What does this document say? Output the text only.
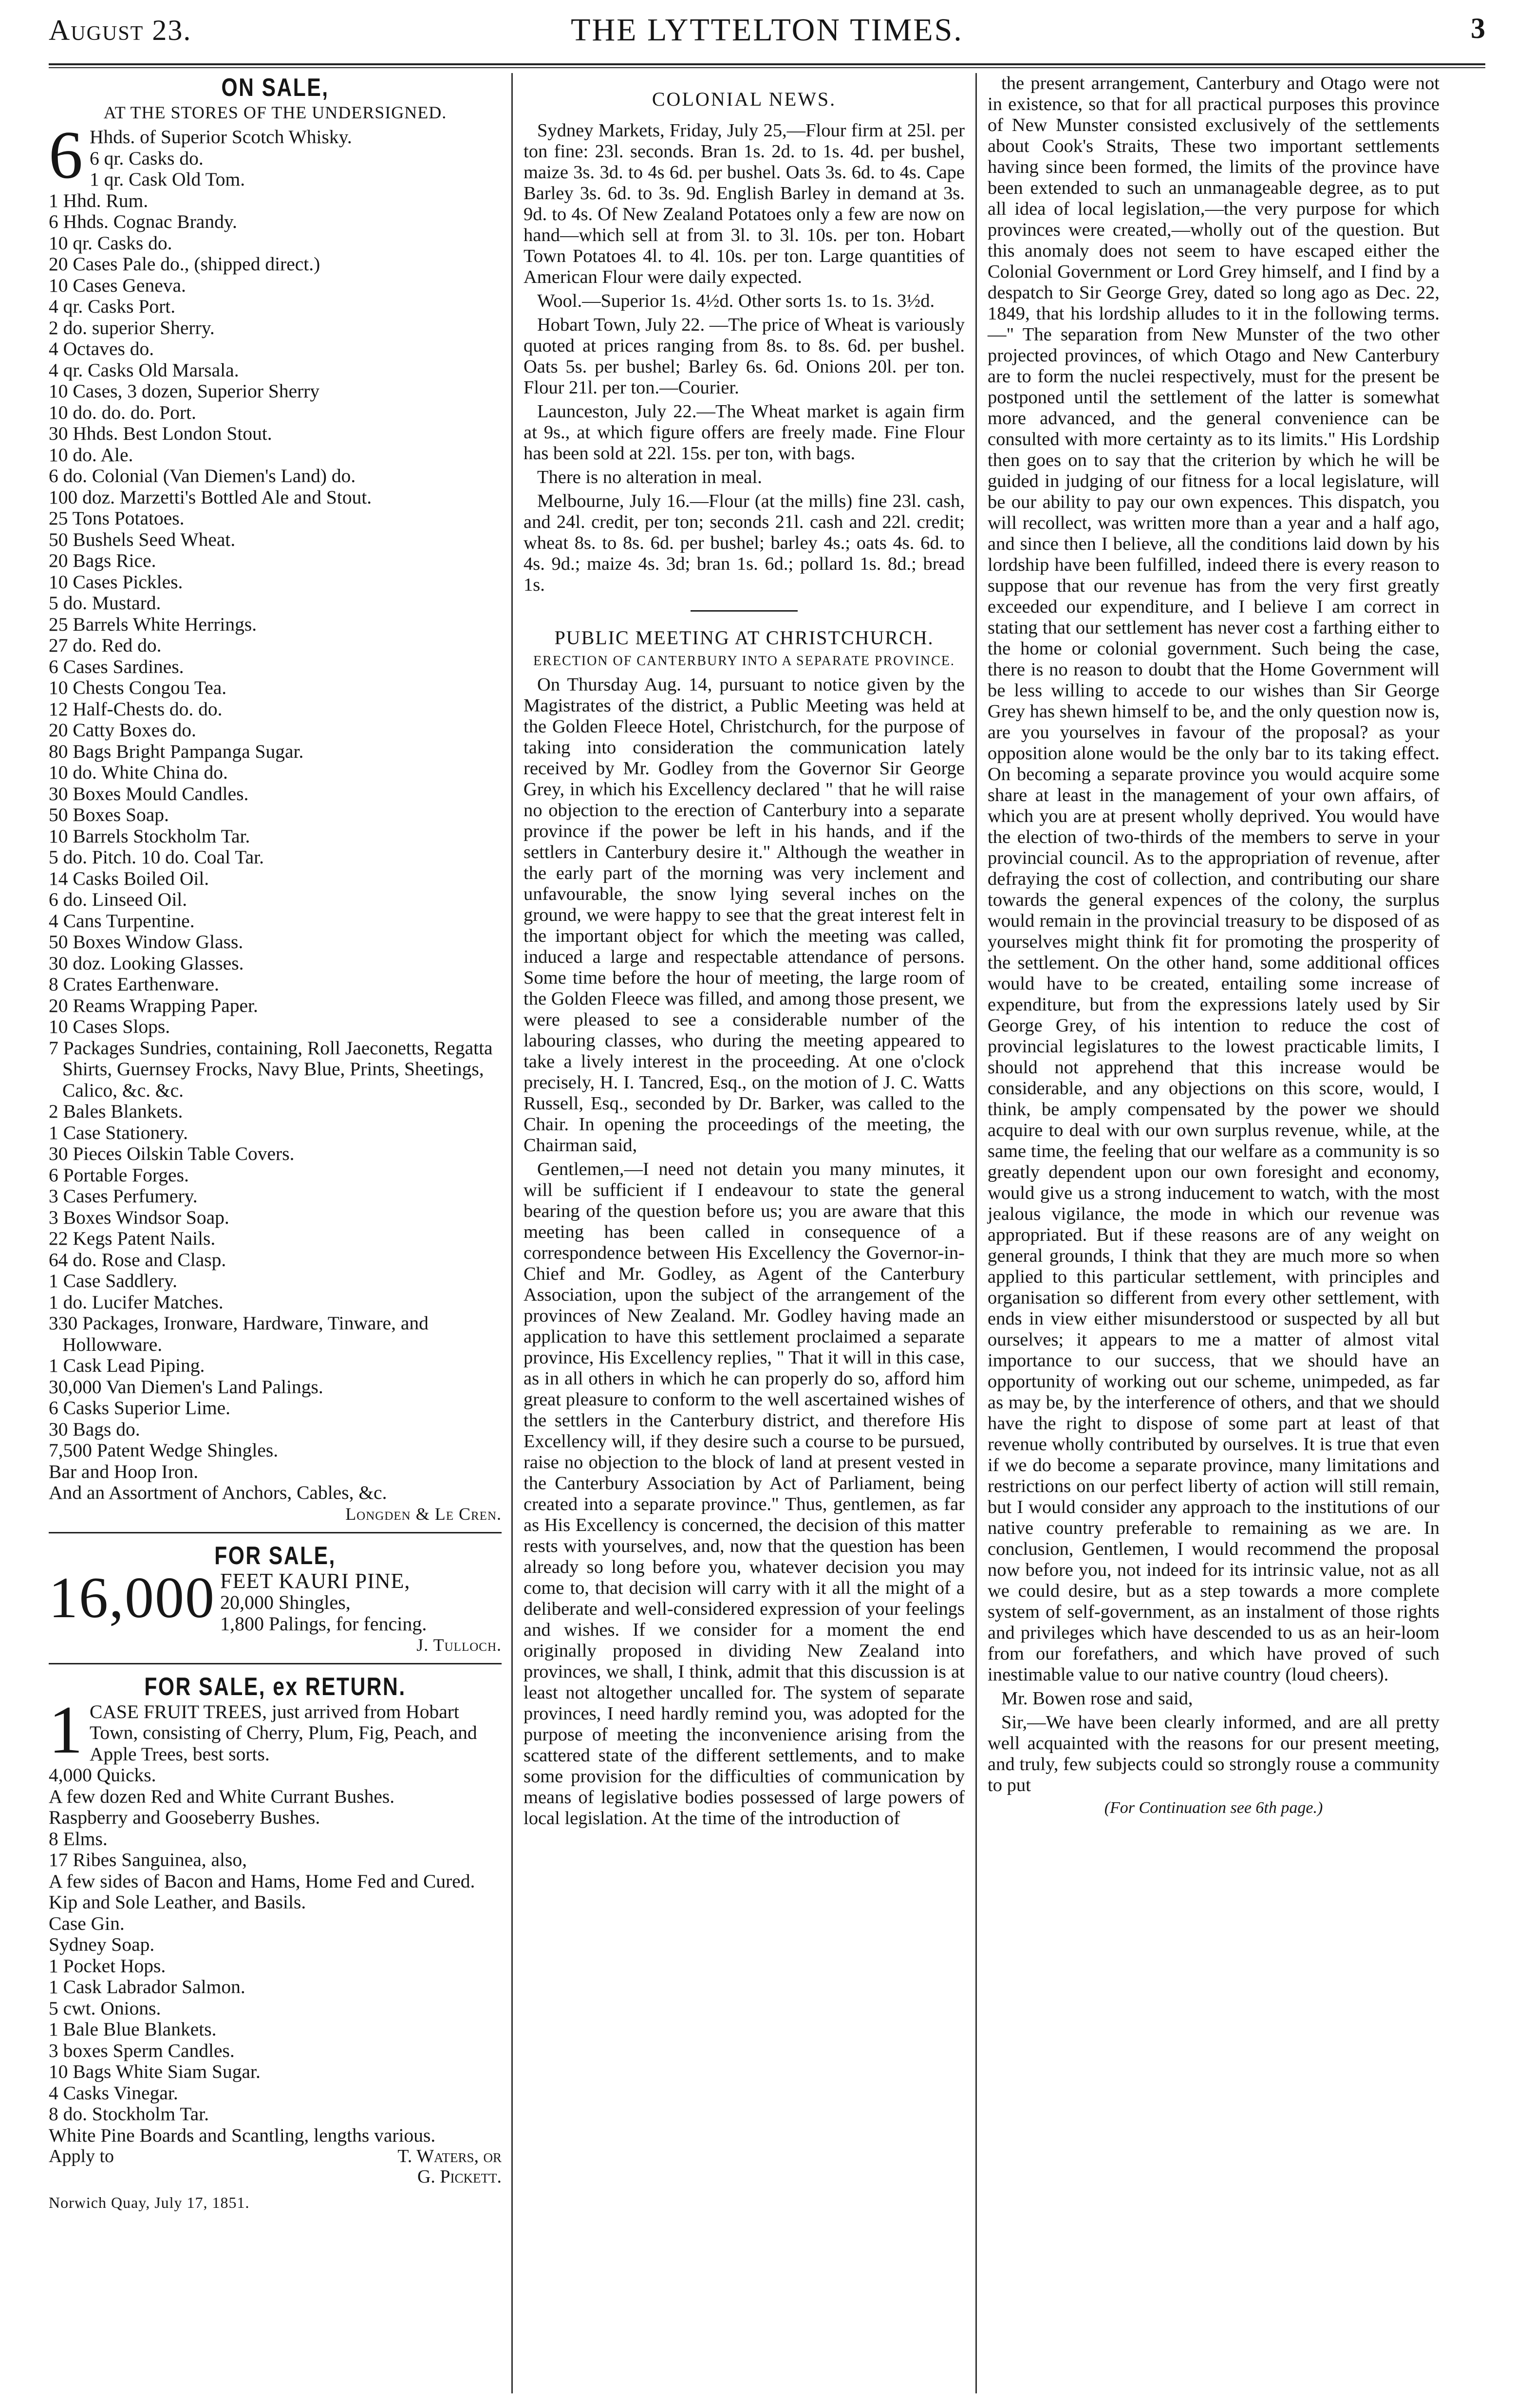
August 23.	THE LYTTELTON TIMES.	3
ON SALE,
AT THE STORES OF THE UNDERSIGNED.
6 Hhds. of Superior Scotch Whisky.

6 qr. Casks do.

1 qr. Cask Old Tom.

1 Hhd. Rum.

6 Hhds. Cognac Brandy.

10 qr. Casks do.

20 Cases Pale do., (shipped direct.)

10 Cases Geneva.

4 qr. Casks Port.

2 do. superior Sherry.

4 Octaves do.

4 qr. Casks Old Marsala.

10 Cases, 3 dozen, Superior Sherry

10 do. do. do. Port.

30 Hhds. Best London Stout.

10 do. Ale.

6 do. Colonial (Van Diemen's Land) do.

100 doz. Marzetti's Bottled Ale and Stout.

25 Tons Potatoes.

50 Bushels Seed Wheat.

20 Bags Rice.

10 Cases Pickles.

5 do. Mustard.

25 Barrels White Herrings.

27 do. Red do.

6 Cases Sardines.

10 Chests Congou Tea.

12 Half-Chests do. do.

20 Catty Boxes do.

80 Bags Bright Pampanga Sugar.

10 do. White China do.

30 Boxes Mould Candles.

50 Boxes Soap.

10 Barrels Stockholm Tar.

5 do. Pitch. 10 do. Coal Tar.

14 Casks Boiled Oil.

6 do. Linseed Oil.

4 Cans Turpentine.

50 Boxes Window Glass.

30 doz. Looking Glasses.

8 Crates Earthenware.

20 Reams Wrapping Paper.

10 Cases Slops.

7 Packages Sundries, containing, Roll Jaeconetts, Regatta Shirts, Guernsey Frocks, Navy Blue, Prints, Sheetings, Calico, &c. &c.

2 Bales Blankets.

1 Case Stationery.

30 Pieces Oilskin Table Covers.

6 Portable Forges.

3 Cases Perfumery.

3 Boxes Windsor Soap.

22 Kegs Patent Nails.

64 do. Rose and Clasp.

1 Case Saddlery.

1 do. Lucifer Matches.

330 Packages, Ironware, Hardware, Tinware, and Hollowware.

1 Cask Lead Piping.

30,000 Van Diemen's Land Palings.

6 Casks Superior Lime.

30 Bags do.

7,500 Patent Wedge Shingles.

Bar and Hoop Iron.

And an Assortment of Anchors, Cables, &c.

Longden & Le Cren.
FOR SALE,
16,000 FEET KAURI PINE,
20,000 Shingles,
1,800 Palings, for fencing.
J. Tulloch.
FOR SALE, ex RETURN.
1 CASE FRUIT TREES, just arrived from Hobart Town, consisting of Cherry, Plum, Fig, Peach, and Apple Trees, best sorts.

4,000 Quicks.

A few dozen Red and White Currant Bushes.

Raspberry and Gooseberry Bushes.

8 Elms.

17 Ribes Sanguinea, also,

A few sides of Bacon and Hams, Home Fed and Cured.

Kip and Sole Leather, and Basils.

Case Gin.

Sydney Soap.

1 Pocket Hops.

1 Cask Labrador Salmon.

5 cwt. Onions.

1 Bale Blue Blankets.

3 boxes Sperm Candles.

10 Bags White Siam Sugar.

4 Casks Vinegar.

8 do. Stockholm Tar.

White Pine Boards and Scantling, lengths various.

Apply to	T. Waters, or
G. Pickett.
Norwich Quay, July 17, 1851.
COLONIAL NEWS.

Sydney Markets, Friday, July 25,—Flour firm at 25l. per ton fine: 23l. seconds. Bran 1s. 2d. to 1s. 4d. per bushel, maize 3s. 3d. to 4s 6d. per bushel. Oats 3s. 6d. to 4s. Cape Barley 3s. 6d. to 3s. 9d. English Barley in demand at 3s. 9d. to 4s. Of New Zealand Potatoes only a few are now on hand—which sell at from 3l. to 3l. 10s. per ton. Hobart Town Potatoes 4l. to 4l. 10s. per ton. Large quantities of American Flour were daily expected.

Wool.—Superior 1s. 4½d. Other sorts 1s. to 1s. 3½d.

Hobart Town, July 22. —The price of Wheat is variously quoted at prices ranging from 8s. to 8s. 6d. per bushel. Oats 5s. per bushel; Barley 6s. 6d. Onions 20l. per ton. Flour 21l. per ton.—Courier.

Launceston, July 22.—The Wheat market is again firm at 9s., at which figure offers are freely made. Fine Flour has been sold at 22l. 15s. per ton, with bags.

There is no alteration in meal.

Melbourne, July 16.—Flour (at the mills) fine 23l. cash, and 24l. credit, per ton; seconds 21l. cash and 22l. credit; wheat 8s. to 8s. 6d. per bushel; barley 4s.; oats 4s. 6d. to 4s. 9d.; maize 4s. 3d; bran 1s. 6d.; pollard 1s. 8d.; bread 1s.

PUBLIC MEETING AT CHRISTCHURCH.
ERECTION OF CANTERBURY INTO A SEPARATE PROVINCE.

On Thursday Aug. 14, pursuant to notice given by the Magistrates of the district, a Public Meeting was held at the Golden Fleece Hotel, Christchurch, for the purpose of taking into consideration the communication lately received by Mr. Godley from the Governor Sir George Grey, in which his Excellency declared " that he will raise no objection to the erection of Canterbury into a separate province if the power be left in his hands, and if the settlers in Canterbury desire it." Although the weather in the early part of the morning was very inclement and unfavourable, the snow lying several inches on the ground, we were happy to see that the great interest felt in the important object for which the meeting was called, induced a large and respectable attendance of persons. Some time before the hour of meeting, the large room of the Golden Fleece was filled, and among those present, we were pleased to see a considerable number of the labouring classes, who during the meeting appeared to take a lively interest in the proceeding. At one o'clock precisely, H. I. Tancred, Esq., on the motion of J. C. Watts Russell, Esq., seconded by Dr. Barker, was called to the Chair. In opening the proceedings of the meeting, the Chairman said,

Gentlemen,—I need not detain you many minutes, it will be sufficient if I endeavour to state the general bearing of the question before us; you are aware that this meeting has been called in consequence of a correspondence between His Excellency the Governor-in-Chief and Mr. Godley, as Agent of the Canterbury Association, upon the subject of the arrangement of the provinces of New Zealand. Mr. Godley having made an application to have this settlement proclaimed a separate province, His Excellency replies, " That it will in this case, as in all others in which he can properly do so, afford him great pleasure to conform to the well ascertained wishes of the settlers in the Canterbury district, and therefore His Excellency will, if they desire such a course to be pursued, raise no objection to the block of land at present vested in the Canterbury Association by Act of Parliament, being created into a separate province." Thus, gentlemen, as far as His Excellency is concerned, the decision of this matter rests with yourselves, and, now that the question has been already so long before you, whatever decision you may come to, that decision will carry with it all the might of a deliberate and well-considered expression of your feelings and wishes. If we consider for a moment the end originally proposed in dividing New Zealand into provinces, we shall, I think, admit that this discussion is at least not altogether uncalled for. The system of separate provinces, I need hardly remind you, was adopted for the purpose of meeting the inconvenience arising from the scattered state of the different settlements, and to make some provision for the difficulties of communication by means of legislative bodies possessed of large powers of local legislation. At the time of the introduction of

the present arrangement, Canterbury and Otago were not in existence, so that for all practical purposes this province of New Munster consisted exclusively of the settlements about Cook's Straits, These two important settlements having since been formed, the limits of the province have been extended to such an unmanageable degree, as to put all idea of local legislation,—the very purpose for which provinces were created,—wholly out of the question. But this anomaly does not seem to have escaped either the Colonial Government or Lord Grey himself, and I find by a despatch to Sir George Grey, dated so long ago as Dec. 22, 1849, that his lordship alludes to it in the following terms.—" The separation from New Munster of the two other projected provinces, of which Otago and New Canterbury are to form the nuclei respectively, must for the present be postponed until the settlement of the latter is somewhat more advanced, and the general convenience can be consulted with more certainty as to its limits." His Lordship then goes on to say that the criterion by which he will be guided in judging of our fitness for a local legislature, will be our ability to pay our own expences. This dispatch, you will recollect, was written more than a year and a half ago, and since then I believe, all the conditions laid down by his lordship have been fulfilled, indeed there is every reason to suppose that our revenue has from the very first greatly exceeded our expenditure, and I believe I am correct in stating that our settlement has never cost a farthing either to the home or colonial government. Such being the case, there is no reason to doubt that the Home Government will be less willing to accede to our wishes than Sir George Grey has shewn himself to be, and the only question now is, are you yourselves in favour of the proposal? as your opposition alone would be the only bar to its taking effect. On becoming a separate province you would acquire some share at least in the management of your own affairs, of which you are at present wholly deprived. You would have the election of two-thirds of the members to serve in your provincial council. As to the appropriation of revenue, after defraying the cost of collection, and contributing our share towards the general expences of the colony, the surplus would remain in the provincial treasury to be disposed of as yourselves might think fit for promoting the prosperity of the settlement. On the other hand, some additional offices would have to be created, entailing some increase of expenditure, but from the expressions lately used by Sir George Grey, of his intention to reduce the cost of provincial legislatures to the lowest practicable limits, I should not apprehend that this increase would be considerable, and any objections on this score, would, I think, be amply compensated by the power we should acquire to deal with our own surplus revenue, while, at the same time, the feeling that our welfare as a community is so greatly dependent upon our own foresight and economy, would give us a strong inducement to watch, with the most jealous vigilance, the mode in which our revenue was appropriated. But if these reasons are of any weight on general grounds, I think that they are much more so when applied to this particular settlement, with principles and organisation so different from every other settlement, with ends in view either misunderstood or suspected by all but ourselves; it appears to me a matter of almost vital importance to our success, that we should have an opportunity of working out our scheme, unimpeded, as far as may be, by the interference of others, and that we should have the right to dispose of some part at least of that revenue wholly contributed by ourselves. It is true that even if we do become a separate province, many limitations and restrictions on our perfect liberty of action will still remain, but I would consider any approach to the institutions of our native country preferable to remaining as we are. In conclusion, Gentlemen, I would recommend the proposal now before you, not indeed for its intrinsic value, not as all we could desire, but as a step towards a more complete system of self-government, as an instalment of those rights and privileges which have descended to us as an heir-loom from our forefathers, and which have proved of such inestimable value to our native country (loud cheers).

Mr. Bowen rose and said,

Sir,—We have been clearly informed, and are all pretty well acquainted with the reasons for our present meeting, and truly, few subjects could so strongly rouse a community to put

(For Continuation see 6th page.)
